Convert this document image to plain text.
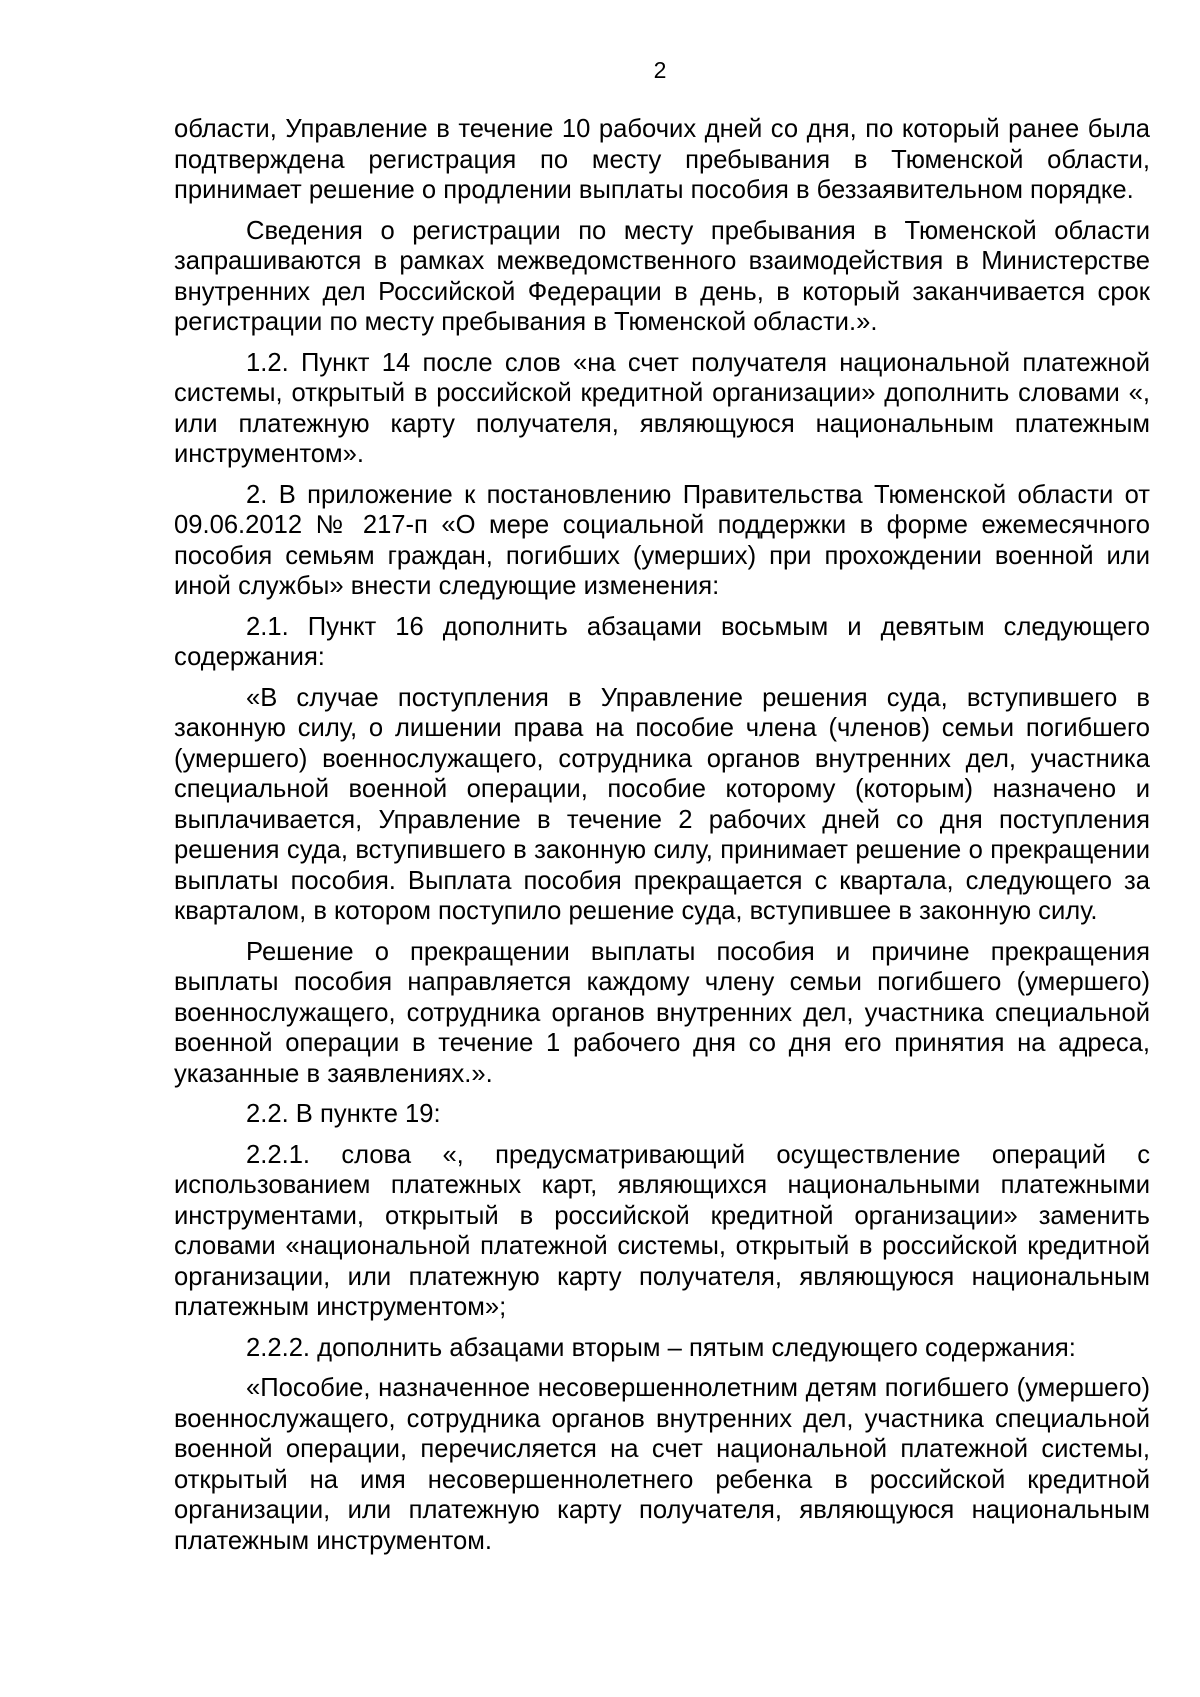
2

области, Управление в течение 10 рабочих дней со дня, по который ранее была подтверждена регистрация по месту пребывания в Тюменской области, принимает решение о продлении выплаты пособия в беззаявительном порядке.

Сведения о регистрации по месту пребывания в Тюменской области запрашиваются в рамках межведомственного взаимодействия в Министерстве внутренних дел Российской Федерации в день, в который заканчивается срок регистрации по месту пребывания в Тюменской области.».

1.2. Пункт 14 после слов «на счет получателя национальной платежной системы, открытый в российской кредитной организации» дополнить словами «, или платежную карту получателя, являющуюся национальным платежным инструментом».

2. В приложение к постановлению Правительства Тюменской области от 09.06.2012 № 217-п «О мере социальной поддержки в форме ежемесячного пособия семьям граждан, погибших (умерших) при прохождении военной или иной службы» внести следующие изменения:

2.1. Пункт 16 дополнить абзацами восьмым и девятым следующего содержания:

«В случае поступления в Управление решения суда, вступившего в законную силу, о лишении права на пособие члена (членов) семьи погибшего (умершего) военнослужащего, сотрудника органов внутренних дел, участника специальной военной операции, пособие которому (которым) назначено и выплачивается, Управление в течение 2 рабочих дней со дня поступления решения суда, вступившего в законную силу, принимает решение о прекращении выплаты пособия. Выплата пособия прекращается с квартала, следующего за кварталом, в котором поступило решение суда, вступившее в законную силу.

Решение о прекращении выплаты пособия и причине прекращения выплаты пособия направляется каждому члену семьи погибшего (умершего) военнослужащего, сотрудника органов внутренних дел, участника специальной военной операции в течение 1 рабочего дня со дня его принятия на адреса, указанные в заявлениях.».

2.2. В пункте 19:

2.2.1. слова «, предусматривающий осуществление операций с использованием платежных карт, являющихся национальными платежными инструментами, открытый в российской кредитной организации» заменить словами «национальной платежной системы, открытый в российской кредитной организации, или платежную карту получателя, являющуюся национальным платежным инструментом»;

2.2.2. дополнить абзацами вторым – пятым следующего содержания:

«Пособие, назначенное несовершеннолетним детям погибшего (умершего) военнослужащего, сотрудника органов внутренних дел, участника специальной военной операции, перечисляется на счет национальной платежной системы, открытый на имя несовершеннолетнего ребенка в российской кредитной организации, или платежную карту получателя, являющуюся национальным платежным инструментом.
